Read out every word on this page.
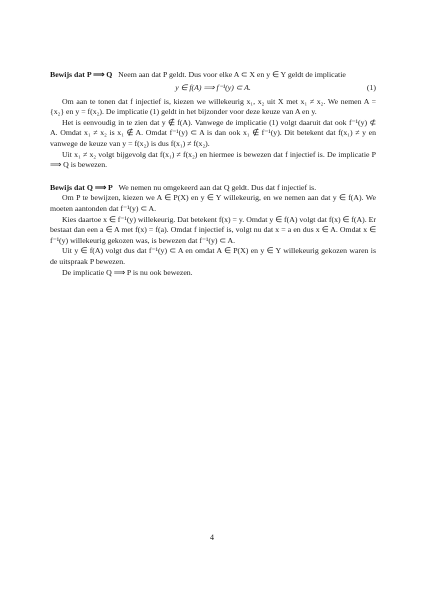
Bewijs dat P ⟹ Q Neem aan dat P geldt. Dus voor elke A ⊂ X en y ∈ Y geldt de implicatie

y ∈ f(A) ⟹ f⁻¹(y) ⊂ A.	(1)

Om aan te tonen dat f injectief is, kiezen we willekeurig x₁, x₂ uit X met x₁ ≠ x₂. We nemen A = {x₂} en y = f(x₂). De implicatie (1) geldt in het bijzonder voor deze keuze van A en y.

Het is eenvoudig in te zien dat y ∉ f(A). Vanwege de implicatie (1) volgt daaruit dat ook f⁻¹(y) ⊄ A. Omdat x₁ ≠ x₂ is x₁ ∉ A. Omdat f⁻¹(y) ⊂ A is dan ook x₁ ∉ f⁻¹(y). Dit betekent dat f(x₁) ≠ y en vanwege de keuze van y = f(x₂) is dus f(x₁) ≠ f(x₂).

Uit x₁ ≠ x₂ volgt bijgevolg dat f(x₁) ≠ f(x₂) en hiermee is bewezen dat f injectief is. De implicatie P ⟹ Q is bewezen.

Bewijs dat Q ⟹ P We nemen nu omgekeerd aan dat Q geldt. Dus dat f injectief is.

Om P te bewijzen, kiezen we A ∈ P(X) en y ∈ Y willekeurig, en we nemen aan dat y ∈ f(A). We moeten aantonden dat f⁻¹(y) ⊂ A.

Kies daartoe x ∈ f⁻¹(y) willekeurig. Dat betekent f(x) = y. Omdat y ∈ f(A) volgt dat f(x) ∈ f(A). Er bestaat dan een a ∈ A met f(x) = f(a). Omdat f injectief is, volgt nu dat x = a en dus x ∈ A. Omdat x ∈ f⁻¹(y) willekeurig gekozen was, is bewezen dat f⁻¹(y) ⊂ A.

Uit y ∈ f(A) volgt dus dat f⁻¹(y) ⊂ A en omdat A ∈ P(X) en y ∈ Y willekeurig gekozen waren is de uitspraak P bewezen.

De implicatie Q ⟹ P is nu ook bewezen.

4
